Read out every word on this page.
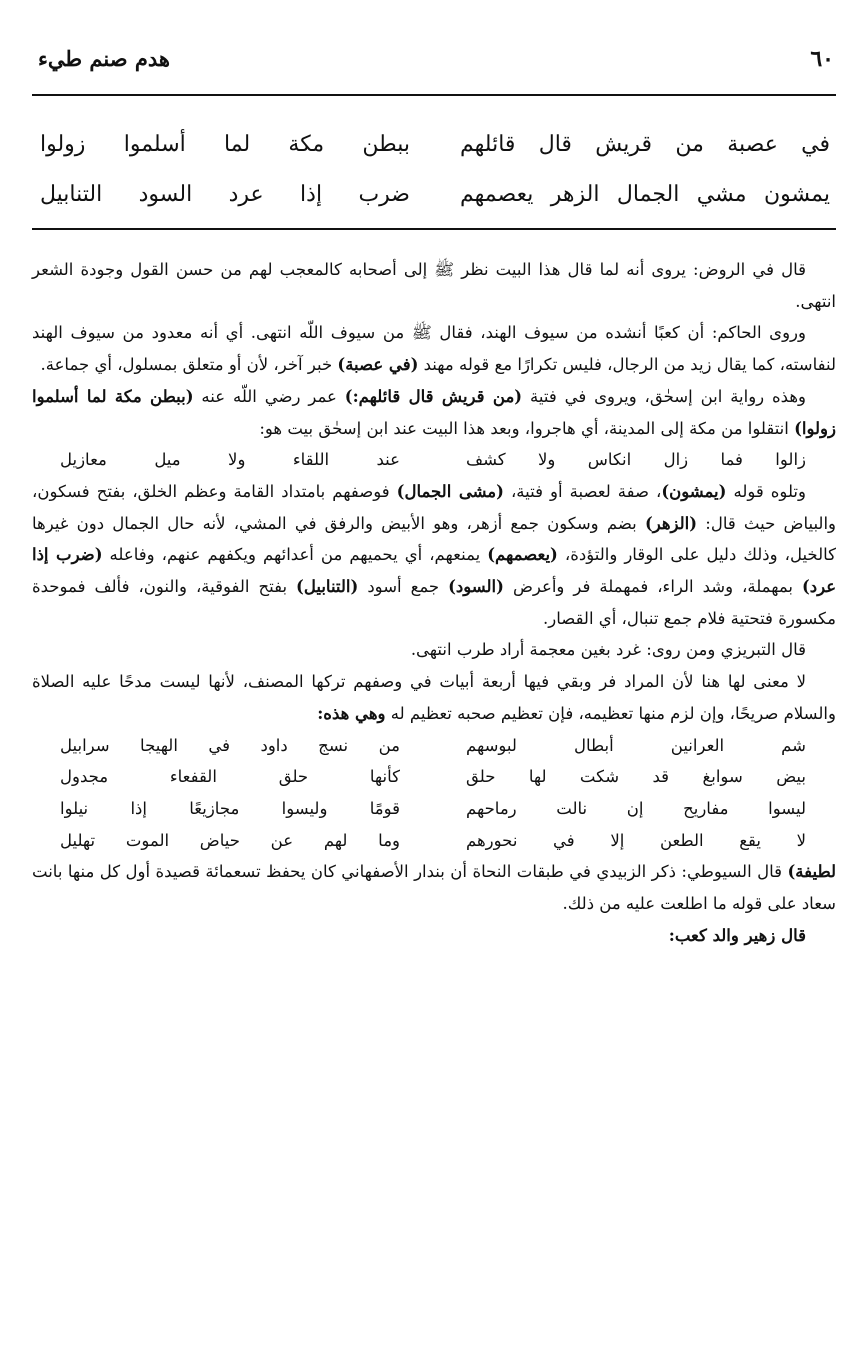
هدم صنم طيء	٦٠
في عصبة من قريش قال قائلهم
ببطن مكة لما أسلموا زولوا
يمشون مشي الجمال الزهر يعصمهم
ضرب إذا عرد السود التنابيل

قال في الروض: يروى أنه لما قال هذا البيت نظر ﷺ إلى أصحابه كالمعجب لهم من حسن القول وجودة الشعر انتهى.

وروى الحاكم: أن كعبًا أنشده من سيوف الهند، فقال ﷺ من سيوف اللّه انتهى. أي أنه معدود من سيوف الهند لنفاسته، كما يقال زيد من الرجال، فليس تكرارًا مع قوله مهند (في عصبة) خبر آخر، لأن أو متعلق بمسلول، أي جماعة.

وهذه رواية ابن إسحٰق، ويروى في فتية (من قريش قال قائلهم:) عمر رضي اللّه عنه (ببطن مكة لما أسلموا زولوا) انتقلوا من مكة إلى المدينة، أي هاجروا، وبعد هذا البيت عند ابن إسحٰق بيت هو:

زالوا فما زال انكاس ولا كشف
عند اللقاء ولا ميل معازيل

وتلوه قوله (يمشون)، صفة لعصبة أو فتية، (مشى الجمال) فوصفهم بامتداد القامة وعظم الخلق، بفتح فسكون، والبياض حيث قال: (الزهر) بضم وسكون جمع أزهر، وهو الأبيض والرفق في المشي، لأنه حال الجمال دون غيرها كالخيل، وذلك دليل على الوقار والتؤدة، (يعصمهم) يمنعهم، أي يحميهم من أعدائهم ويكفهم عنهم، وفاعله (ضرب إذا عرد) بمهملة، وشد الراء، فمهملة فر وأعرض (السود) جمع أسود (التنابيل) بفتح الفوقية، والنون، فألف فموحدة مكسورة فتحتية فلام جمع تنبال، أي القصار.

قال التبريزي ومن روى: غرد بغين معجمة أراد طرب انتهى.

لا معنى لها هنا لأن المراد فر وبقي فيها أربعة أبيات في وصفهم تركها المصنف، لأنها ليست مدحًا عليه الصلاة والسلام صريحًا، وإن لزم منها تعظيمه، فإن تعظيم صحبه تعظيم له وهي هذه:

شم العرانين أبطال لبوسهم
من نسج داود في الهيجا سرابيل
بيض سوابغ قد شكت لها حلق
كأنها حلق القفعاء مجدول
ليسوا مفاريح إن نالت رماحهم
قومًا وليسوا مجازيعًا إذا نيلوا
لا يقع الطعن إلا في نحورهم
وما لهم عن حياض الموت تهليل

لطيفة) قال السيوطي: ذكر الزبيدي في طبقات النحاة أن بندار الأصفهاني كان يحفظ تسعمائة قصيدة أول كل منها بانت سعاد على قوله ما اطلعت عليه من ذلك.

قال زهير والد كعب:
